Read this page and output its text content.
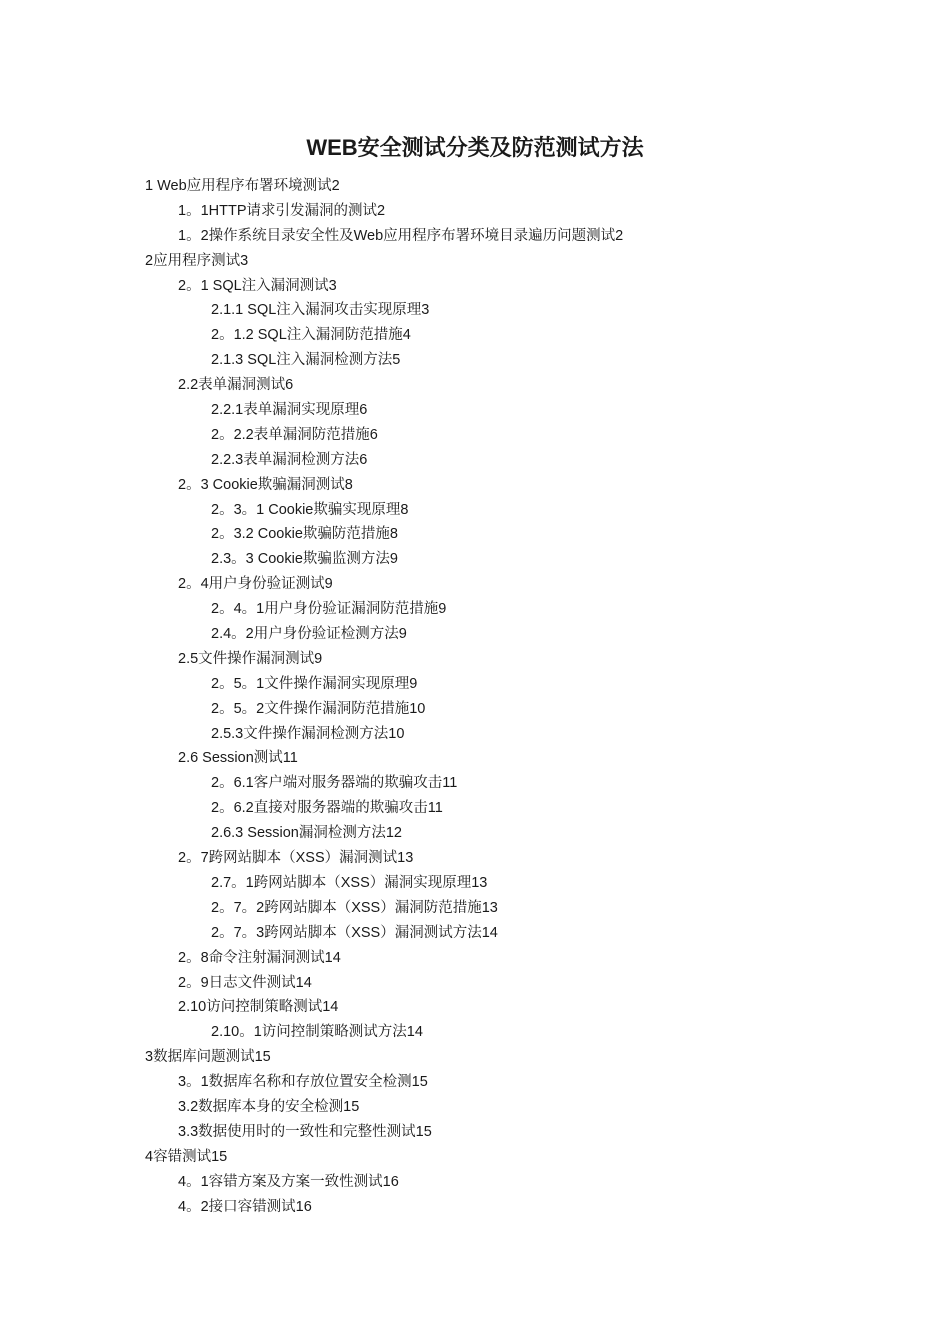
WEB安全测试分类及防范测试方法
1 Web应用程序布署环境测试2
1。1HTTP请求引发漏洞的测试2
1。2操作系统目录安全性及Web应用程序布署环境目录遍历问题测试2
2应用程序测试3
2。1 SQL注入漏洞测试3
2.1.1 SQL注入漏洞攻击实现原理3
2。1.2 SQL注入漏洞防范措施4
2.1.3 SQL注入漏洞检测方法5
2.2表单漏洞测试6
2.2.1表单漏洞实现原理6
2。2.2表单漏洞防范措施6
2.2.3表单漏洞检测方法6
2。3 Cookie欺骗漏洞测试8
2。3。1 Cookie欺骗实现原理8
2。3.2 Cookie欺骗防范措施8
2.3。3 Cookie欺骗监测方法9
2。4用户身份验证测试9
2。4。1用户身份验证漏洞防范措施9
2.4。2用户身份验证检测方法9
2.5文件操作漏洞测试9
2。5。1文件操作漏洞实现原理9
2。5。2文件操作漏洞防范措施10
2.5.3文件操作漏洞检测方法10
2.6 Session测试11
2。6.1客户端对服务器端的欺骗攻击11
2。6.2直接对服务器端的欺骗攻击11
2.6.3 Session漏洞检测方法12
2。7跨网站脚本（XSS）漏洞测试13
2.7。1跨网站脚本（XSS）漏洞实现原理13
2。7。2跨网站脚本（XSS）漏洞防范措施13
2。7。3跨网站脚本（XSS）漏洞测试方法14
2。8命令注射漏洞测试14
2。9日志文件测试14
2.10访问控制策略测试14
2.10。1访问控制策略测试方法14
3数据库问题测试15
3。1数据库名称和存放位置安全检测15
3.2数据库本身的安全检测15
3.3数据使用时的一致性和完整性测试15
4容错测试15
4。1容错方案及方案一致性测试16
4。2接口容错测试16
